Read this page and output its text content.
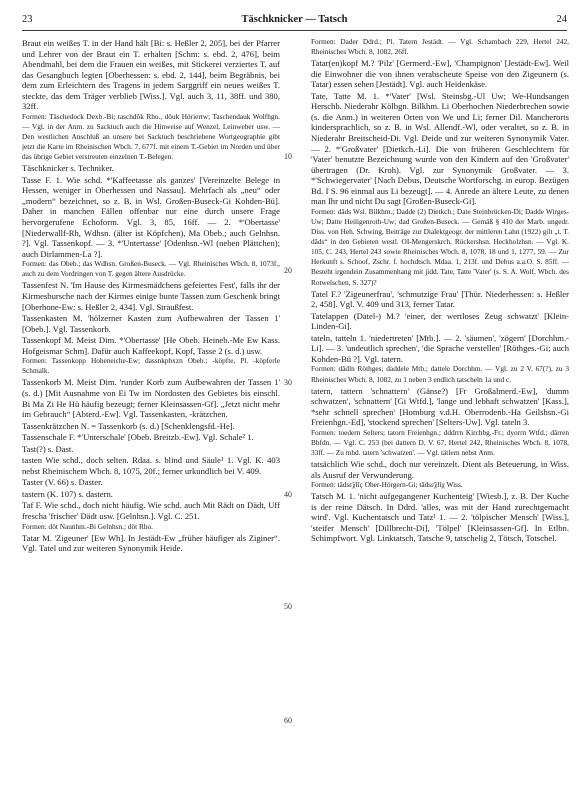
23	Täschknicker — Tatsch	24

Braut ein weißes T. in der Hand hält [Bi: s. Heßler 2, 205], bei der Pfarrer und Lehrer von der Braut ein T. erhalten [Schm: s. ebd. 2, 476], beim Abendmahl, bei dem die Frauen ein weißes, mit Stickerei verziertes T. auf das Gesangbuch legten [Oberhessen: s. ebd. 2, 144], beim Begräbnis, bei dem zum Erleichtern des Tragens in jedem Sarggriff ein neues weißes T. steckte, das dem Träger verblieb [Wiss.]. Vgl. auch 3, 11, 38ff. und 380, 32ff.

Formen: Täschedock Dexb.-Bi; taschdôk Rho., dôuk Höriertw; Taschendauk Wolfhgn. — Vgl. in der Anm. zu Sacktuch auch die Hinweise auf Wenzel, Leinweber usw. — Den westlichen Anschluß an unsere bei Sacktuch beschriebene Wortgeographie gibt jetzt die Karte im Rheinischen Wbch. 7, 677f. mit einem T.-Gebiet im Norden und über das übrige Gebiet verstreuten einzelnen T.-Belegen.

Täschknicker s. Techniker.

Tasse F. 1. Wie schd. *'Kaffeetasse als ganzes' [Vereinzelte Belege in Hessen, weniger in Oberhessen und Nassau]. Mehrfach als „neu“ oder „modern“ bezeichnet, so z. B. in Wsl. Großen-Buseck-Gi Kohden-Bü]. Daher in manchen Fällen offenbar nur eine durch unsere Frage hervorgerufene Echoform. Vgl. 3, 85, 16ff. — 2. *'Obertasse' [Niederwallf-Rh, Wdhsn. (älter ist Köpfchen), Ma Obeb.; auch Gelnhsn. ?]. Vgl. Tassenkopf. — 3. *'Untertasse' [Odenhsn.-Wl (neben Plättchen); auch Dirlammen-La ?].

Formen: das Obeb.; das Wdhsn. Großen-Buseck. — Vgl. Rheinisches Wbch. 8, 1073f., auch zu dem Vordringen von T. gegen ältere Ausdrücke.

Tassenfest N. 'Im Hause des Kirmesmädchens gefeiertes Fest', falls ihr der Kirmesbursche nach der Kirmes einige bunte Tassen zum Geschenk bringt [Oberhone-Ew: s. Heßler 2, 434]. Vgl. Straußfest.

Tassenkasten M. 'hölzerner Kasten zum Aufbewahren der Tassen 1' [Obeb.]. Vgl. Tassenkorb.

Tassenkopf M. Meist Dim. *'Obertasse' [He Obeb. Heineb.-Me Ew Kass. Hofgeismar Schm]. Dafür auch Kaffeekopf, Kopf, Tasse 2 (s. d.) usw.

Formen: Tassenkopp Hoheneiche-Ew; dassnkpbxzn Obeb.; -köpfte, Pl. -köpferle Schmalk.

Tassenkorb M. Meist Dim. 'runder Korb zum Aufbewahren der Tassen 1' (s. d.) [Mit Ausnahme von Ei Tw im Nordosten des Gebietes bis einschl. Bi Ma Zi He Hü häufig bezeugt; ferner Kleinsassen-Gf]. „Jetzt nicht mehr im Gebrauch“ [Abterd.-Ew]. Vgl. Tassenkasten, -krätzchen.

Tassenkrätzchen N. = Tassenkorb (s. d.) [Schenklengsfd.-He].

Tassenschale F. *'Unterschale' [Obeb. Breitzb.-Ew]. Vgl. Schale² 1.

Tast(?) s. Dast.

tasten Wie schd., doch selten. Rdaa. s. blind und Säule¹ 1. Vgl. K. 403 nebst Rheinischem Wbch. 8, 1075, 20f.; ferner urkundlich bei V. 409.

Taster (V. 66) s. Daster.

tastern (K. 107) s. dastern.

Taf F. Wie schd., doch nicht häufig. Wie schd. auch Mit Rädt on Dädt, Uff frescha 'frischer' Dädt usw. [Gelnhsn.]. Vgl. C. 251.

Formen: döt Naunhm.-Bi Gelnhsn.; döt Rho.

Tatar M. 'Zigeuner' [Ew Wh]. In Jestädt-Ew „früher häufiger als Ziginer“. Vgl. Tatel und zur weiteren Synonymik Heide.

Formen: Dader Ddrd.; Pl. Tatern Jestädt. — Vgl. Schambach 229, Hertel 242, Rheinisches Wbch. 8, 1082, 26ff.

Tatar(en)kopf M.? 'Pilz' [Germerd.-Ew], 'Champignon' [Jestädt-Ew]. Weil die Einwohner die von ihnen verabscheute Speise von den Zigeunern (s. Tatar) essen sehen [Jestädt]. Vgl. auch Heidenkäse.

Tate, Tatte M. 1. *'Vater' [Wsl. Steinsbg.-Ul Uw; We-Hundsangen Herschb. Niederahr Kölbgn. Bilkhm. Li Oberhochen Niederbrechen sowie (s. die Anm.) in weiteren Orten von We und Li; ferner Dil. Mancherorts kindersprachlich, so z. B. in Wsl. Allendf.-Wl, oder veraltet, so z. B. in Niederahr Breitscheid-Di. Vgl. Deide und zur weiteren Synonymik Vater. — 2. *'Großvater' [Dietkch.-Li]. Die von früheren Geschlechtern für 'Vater' benutzte Bezeichnung wurde von den Kindern auf den 'Großvater' übertragen (Dr. Kroh). Vgl. zur Synonymik Großvater. — 3. *'Schwiegervater' [Nach Debus, Deutsche Wortforschg. in europ. Bezügen Bd. I S. 96 einmal aus Li bezeugt]. — 4. Anrede an ältere Leute, zu denen man Ihr und nicht Du sagt [Großen-Buseck-Gi].

Formen: dâds Wsl. Bilkhm.; Dadde (2) Dietkch.; Date Steinbrücken-Di; Dadde Wirges-Uw; Datte Heiligenroth-Uw; dad Großen-Buseck. — Gemäß § 410 der Marb. ungedr. Diss. von Heh. Schwing, Beiträge zur Dialektgeogr. der mittleren Lahn (1922) gilt „t. T. dâds“ in den Gebieten westl. OI-Mengerskrch. Rückershsn. Heckholzhsn. — Vgl. K. 105, C. 243, Hertel 243 sowie Rheinisches Wbch. 8, 1078, 18 und 1, 1277, 59. — Zur Herkunft s. Schoof, Zschr. f. hochdtsch. Mdaa. 1, 213f. und Debus a.a.O. S. 85ff. — Besteht irgendein Zusammenhang mit jidd. Tate, Tatte 'Vater' (s. S. A. Wolf, Wbch. des Rotwelschen, S. 327)?

Tatel F.? 'Zigeunerfrau', 'schmutzige Frau' [Thür. Niederhessen: s. Heßler 2, 458]. Vgl. V. 409 und 313, ferner Tatar.

Tatelappen (Datel-) M.? 'einer, der wertloses Zeug schwatzt' [Klein-Linden-Gi].

tateln, tatteln 1. 'niedertreten' [Mtb.]. — 2. 'säumen', 'zögern' [Dorchhm.-Li]. — 3. 'undeutlich sprechen', 'die Sprache verstellen' [Röthges.-Gi; auch Kohden-Bü ?]. Vgl. tatern.

Formen: dâdln Röthges; daddele Mtb.; dattele Dorchhm. — Vgl. zu 2 V. 67(?), zu 3 Rheinisches Wbch. 8, 1082, zu 1 neben 3 endlich tatscheln 1a und c.

tatern, tattern 'schnattern' (Gänse?) [Fr Großalmerd.-Ew], 'dumm schwatzen', 'schnattern' [Gi Wtfd.], 'lange und lebhaft schwatzen' [Kass.], *sehr schnell sprechen' [Homburg v.d.H. Oberrodenb.-Ha Geilshsn.-Gi Freienhgn.-Ed], 'stockend sprechen' [Selters-Uw]. Vgl. tateln 3.

Formen: toedern Selters; tatorn Freienhgn.; dddrrn Kirchbg.-Fr.; dyorrn Wtfd.; dârren Bbfdn. — Vgl. C. 253 (bei dattern D, V. 67, Hertel 242, Rheinisches Wbch. 8, 1078, 33ff. — Zu mhd. tatern 'schwatzen'. — Vgl. tätlern nebst Anm.

tatsächlich Wie schd., doch nur vereinzelt. Dient als Beteuerung, in Wiss. als Ausruf der Verwunderung.

Formen: tâdsɛ̃χlîç Ober-Hörgern-Gi; tâdsɛ̃χlîχ Wiss.

Tatsch M. 1. 'nicht aufgegangener Kuchenteig' [Wiesb.], z. B. Der Kuche is der reine Dätsch. In Ddrd. 'alles, was mit der Hand zurechtgemacht wird'. Vgl. Kuchentatsch und Tatz¹ 1. — 2. 'tölpischer Mensch' [Wiss.], 'steifer Mensch' [Dillbrecht-Di], 'Tölpel' [Kleinsassen-Gf]. In Etlbn. Schimpfwort. Vgl. Linktatsch, Tatsche 9, tatschelig 2, Tötsch, Totschel.

10
20
30
40
50
60
